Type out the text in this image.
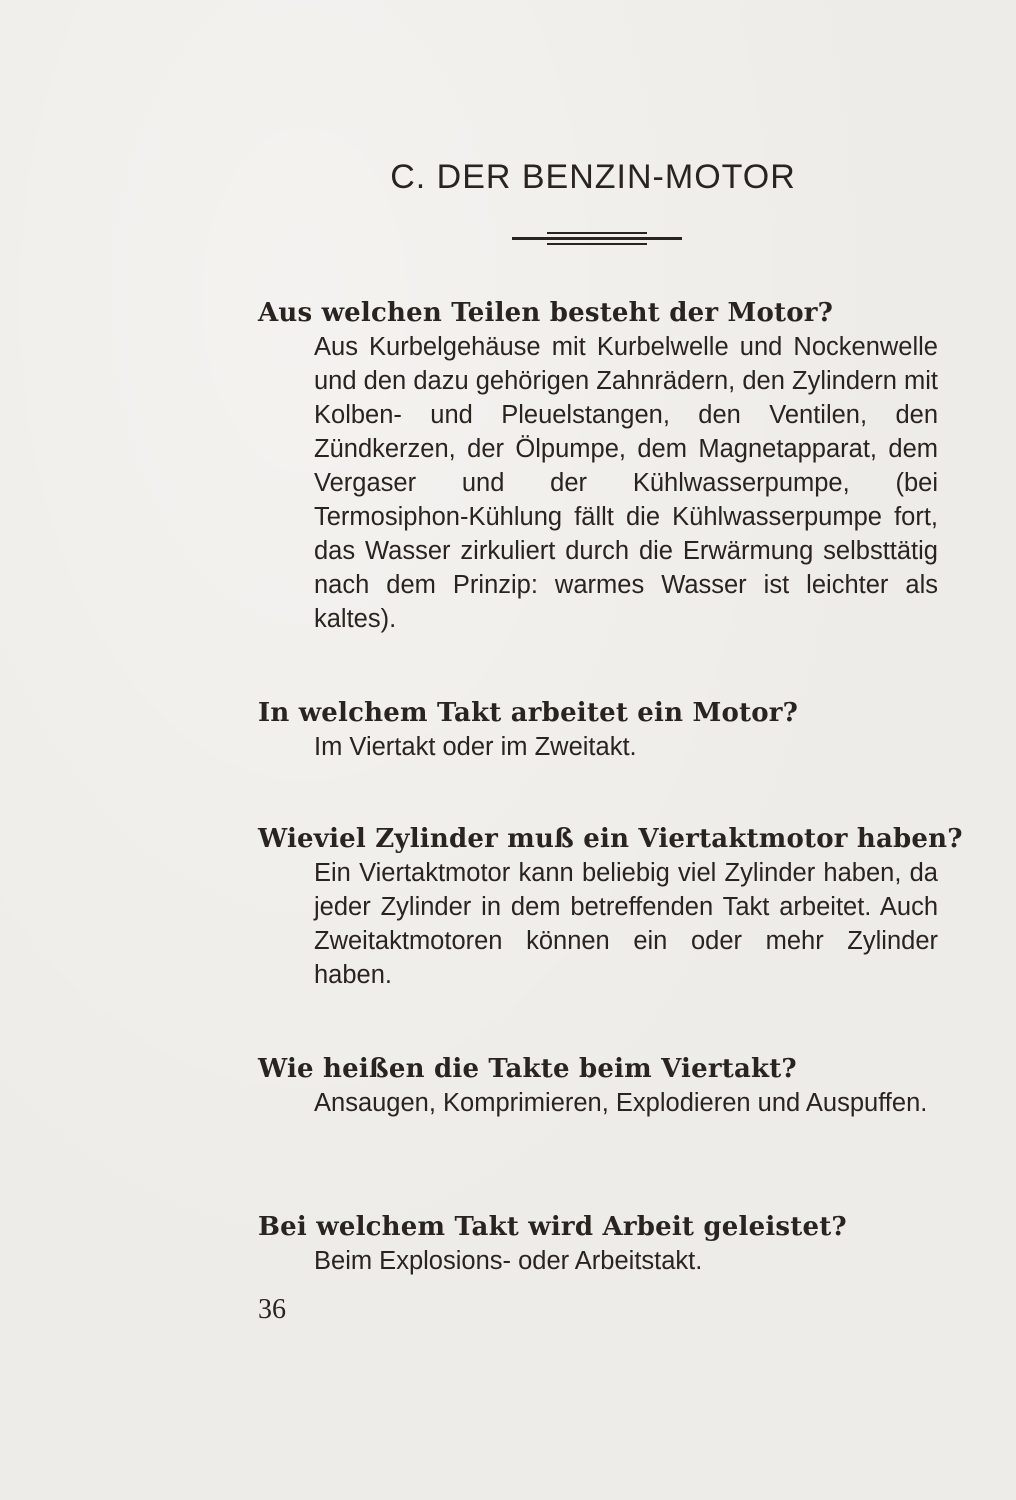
C. DER BENZIN-MOTOR
Aus welchen Teilen besteht der Motor?
Aus Kurbelgehäuse mit Kurbelwelle und Nockenwelle und den dazu gehörigen Zahnrädern, den Zylindern mit Kolben- und Pleuelstangen, den Ventilen, den Zündkerzen, der Ölpumpe, dem Magnetapparat, dem Vergaser und der Kühlwasserpumpe, (bei Termosiphon-Kühlung fällt die Kühlwasserpumpe fort, das Wasser zirkuliert durch die Erwärmung selbsttätig nach dem Prinzip: warmes Wasser ist leichter als kaltes).
In welchem Takt arbeitet ein Motor?
Im Viertakt oder im Zweitakt.
Wieviel Zylinder muß ein Viertaktmotor haben?
Ein Viertaktmotor kann beliebig viel Zylinder haben, da jeder Zylinder in dem betreffenden Takt arbeitet. Auch Zweitaktmotoren können ein oder mehr Zylinder haben.
Wie heißen die Takte beim Viertakt?
Ansaugen, Komprimieren, Explodieren und Auspuffen.
Bei welchem Takt wird Arbeit geleistet?
Beim Explosions- oder Arbeitstakt.
36
